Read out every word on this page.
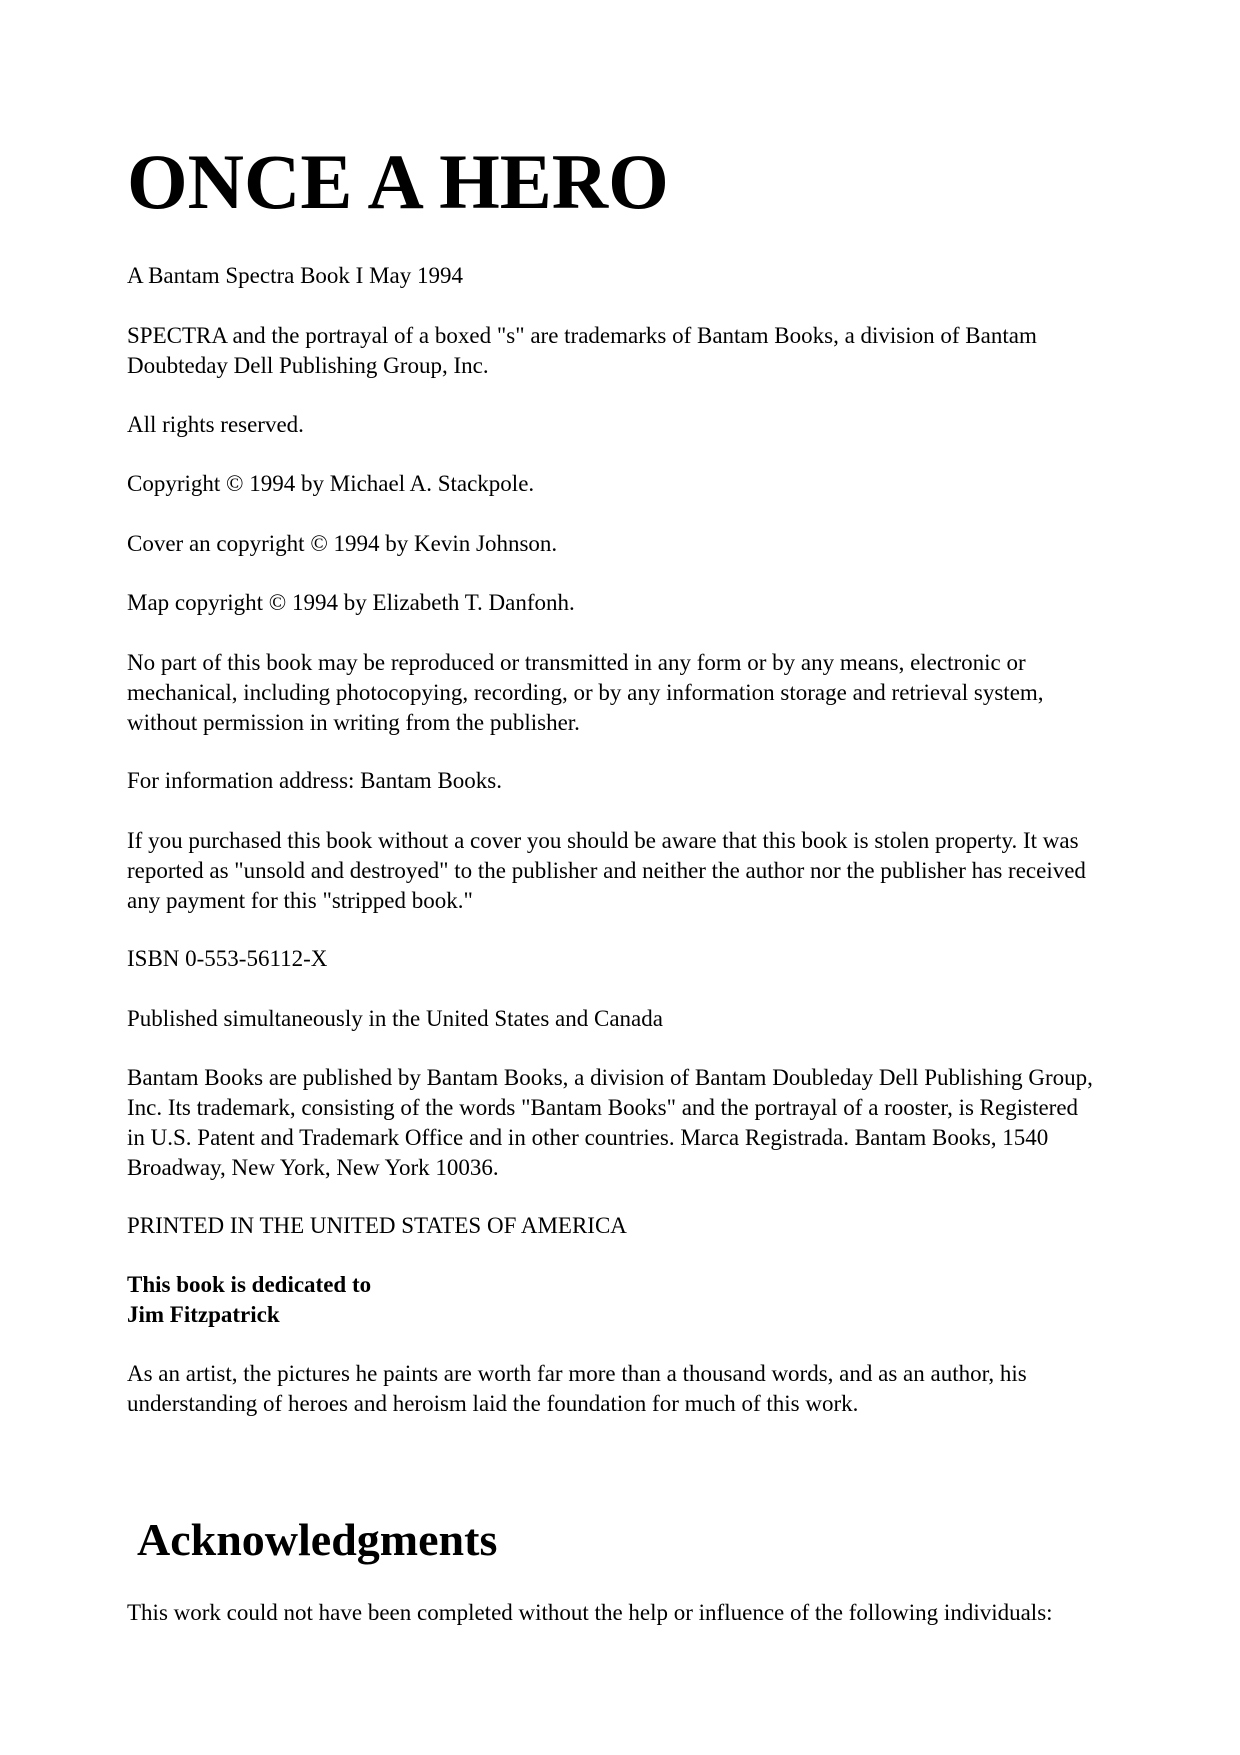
ONCE A HERO

A Bantam Spectra Book I May 1994

SPECTRA and the portrayal of a boxed "s" are trademarks of Bantam Books, a division of Bantam
Doubteday Dell Publishing Group, Inc.

All rights reserved.

Copyright © 1994 by Michael A. Stackpole.

Cover an copyright © 1994 by Kevin Johnson.

Map copyright © 1994 by Elizabeth T. Danfonh.

No part of this book may be reproduced or transmitted in any form or by any means, electronic or
mechanical, including photocopying, recording, or by any information storage and retrieval system,
without permission in writing from the publisher.

For information address: Bantam Books.

If you purchased this book without a cover you should be aware that this book is stolen property. It was
reported as "unsold and destroyed" to the publisher and neither the author nor the publisher has received
any payment for this "stripped book."

ISBN 0-553-56112-X

Published simultaneously in the United States and Canada

Bantam Books are published by Bantam Books, a division of Bantam Doubleday Dell Publishing Group,
Inc. Its trademark, consisting of the words "Bantam Books" and the portrayal of a rooster, is Registered
in U.S. Patent and Trademark Office and in other countries. Marca Registrada. Bantam Books, 1540
Broadway, New York, New York 10036.

PRINTED IN THE UNITED STATES OF AMERICA

This book is dedicated to

Jim Fitzpatrick

As an artist, the pictures he paints are worth far more than a thousand words, and as an author, his
understanding of heroes and heroism laid the foundation for much of this work.

Acknowledgments

This work could not have been completed without the help or influence of the following individuals:
